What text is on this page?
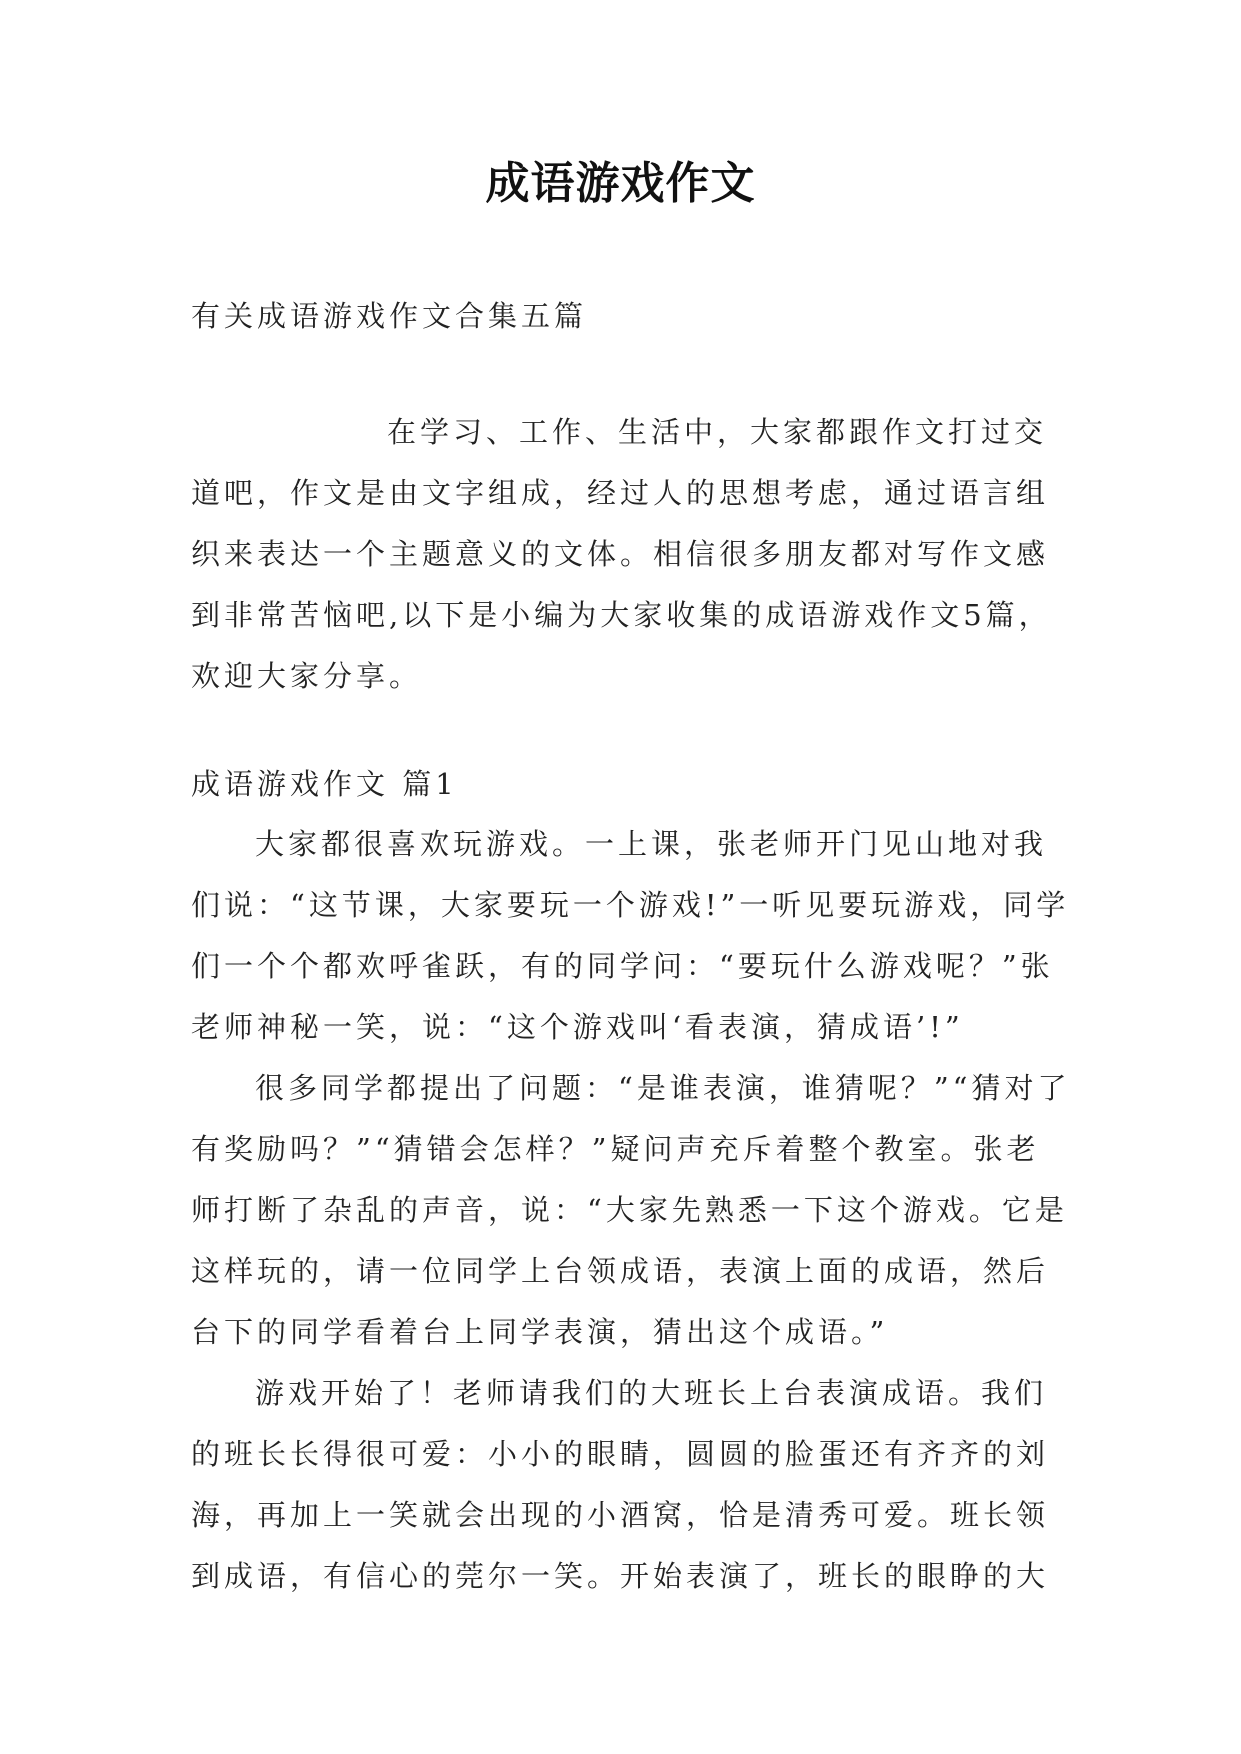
成语游戏作文
有关成语游戏作文合集五篇
在学习、工作、生活中，大家都跟作文打过交道吧，作文是由文字组成，经过人的思想考虑，通过语言组织来表达一个主题意义的文体。相信很多朋友都对写作文感到非常苦恼吧,以下是小编为大家收集的成语游戏作文5篇，欢迎大家分享。
成语游戏作文 篇1

大家都很喜欢玩游戏。一上课，张老师开门见山地对我们说：“这节课，大家要玩一个游戏!”一听见要玩游戏，同学们一个个都欢呼雀跃，有的同学问：“要玩什么游戏呢？”张老师神秘一笑，说：“这个游戏叫‘看表演，猜成语’!”

很多同学都提出了问题：“是谁表演，谁猜呢？”“猜对了有奖励吗？”“猜错会怎样？”疑问声充斥着整个教室。张老师打断了杂乱的声音，说：“大家先熟悉一下这个游戏。它是这样玩的，请一位同学上台领成语，表演上面的成语，然后台下的同学看着台上同学表演，猜出这个成语。”

游戏开始了！老师请我们的大班长上台表演成语。我们的班长长得很可爱：小小的眼睛，圆圆的脸蛋还有齐齐的刘海，再加上一笑就会出现的小酒窝，恰是清秀可爱。班长领到成语，有信心的莞尔一笑。开始表演了，班长的眼睁的大
